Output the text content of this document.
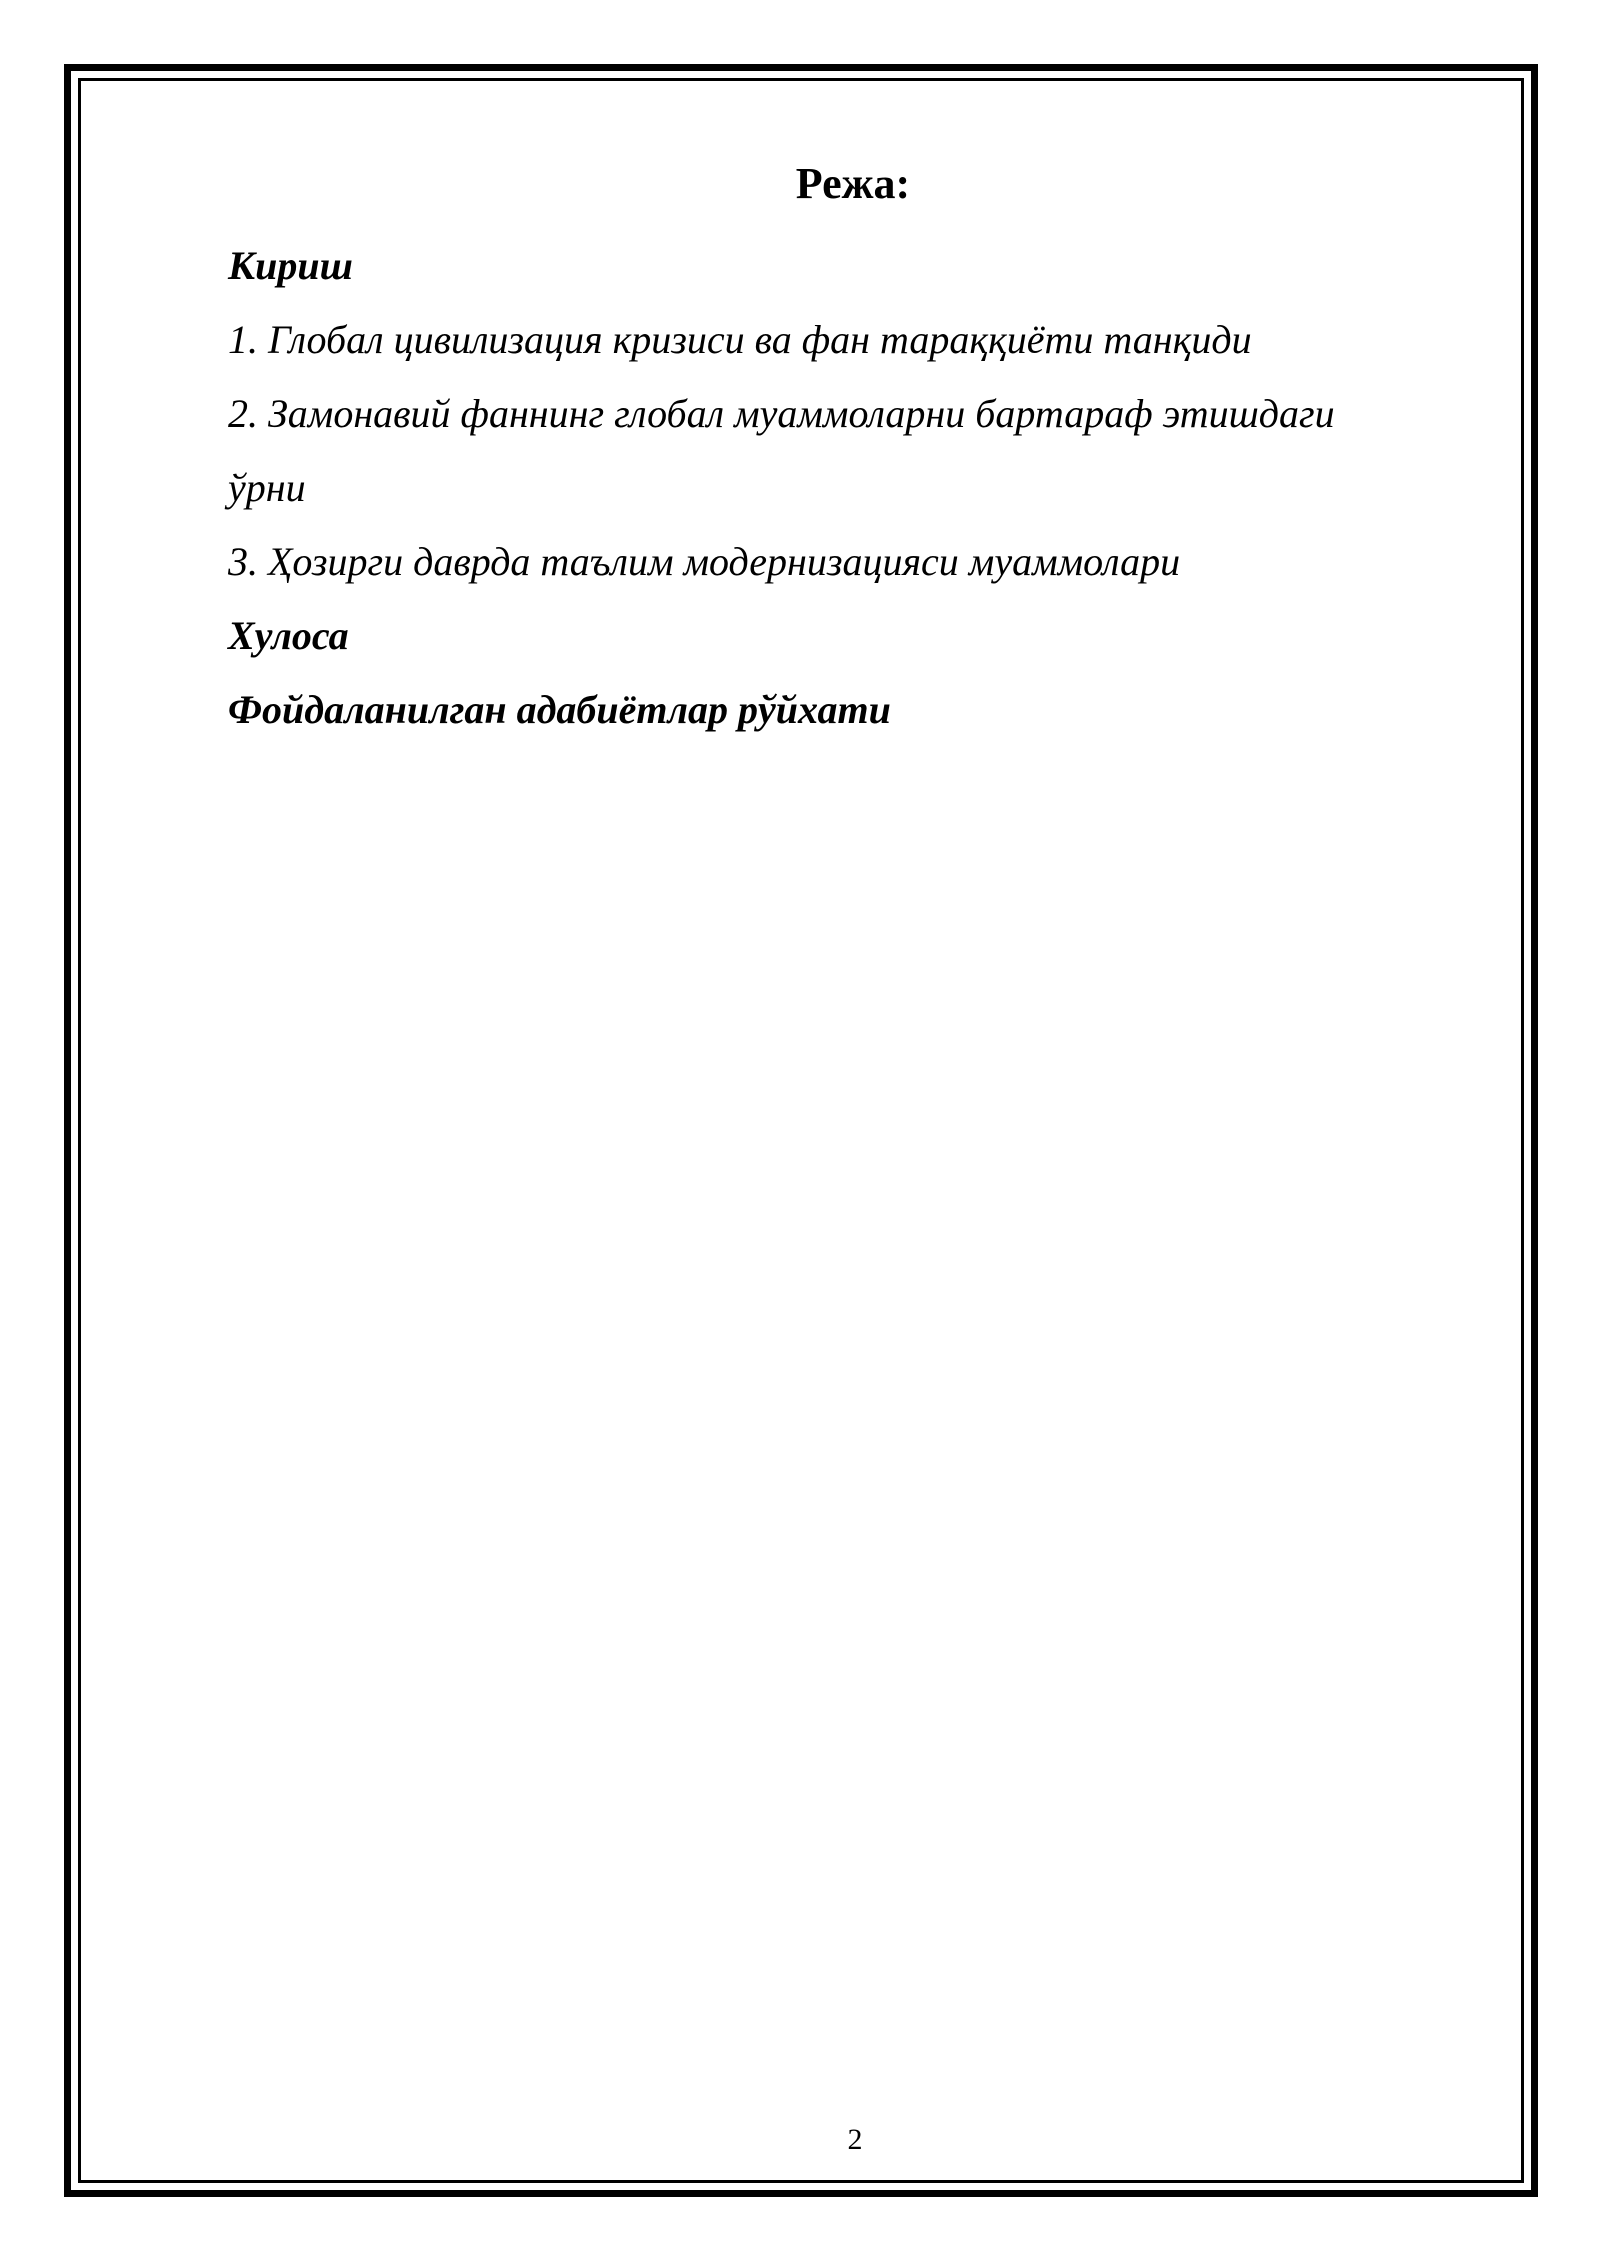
Режа:
Кириш
1. Глобал цивилизация кризиси ва фан тараққиёти танқиди
2. Замонавий фаннинг глобал муаммоларни бартараф этишдаги
ўрни
3. Ҳозирги даврда таълим модернизацияси муаммолари
Хулоса
Фойдаланилган адабиётлар рўйхати
2
